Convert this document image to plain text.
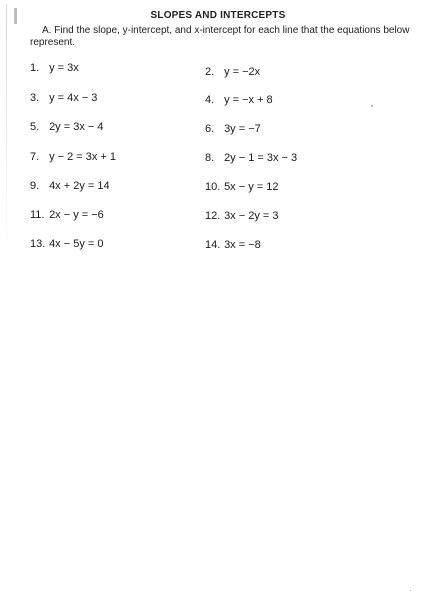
SLOPES AND INTERCEPTS
A. Find the slope, y-intercept, and x-intercept for each line that the equations below represent.
1. y = 3x	2. y = −2x
3. y = 4x − 3	4. y = −x + 8
5. 2y = 3x − 4	6. 3y = −7
7. y − 2 = 3x + 1	8. 2y − 1 = 3x − 3
9. 4x + 2y = 14	10. 5x − y = 12
11. 2x − y = −6	12. 3x − 2y = 3
13. 4x − 5y = 0	14. 3x = −8
